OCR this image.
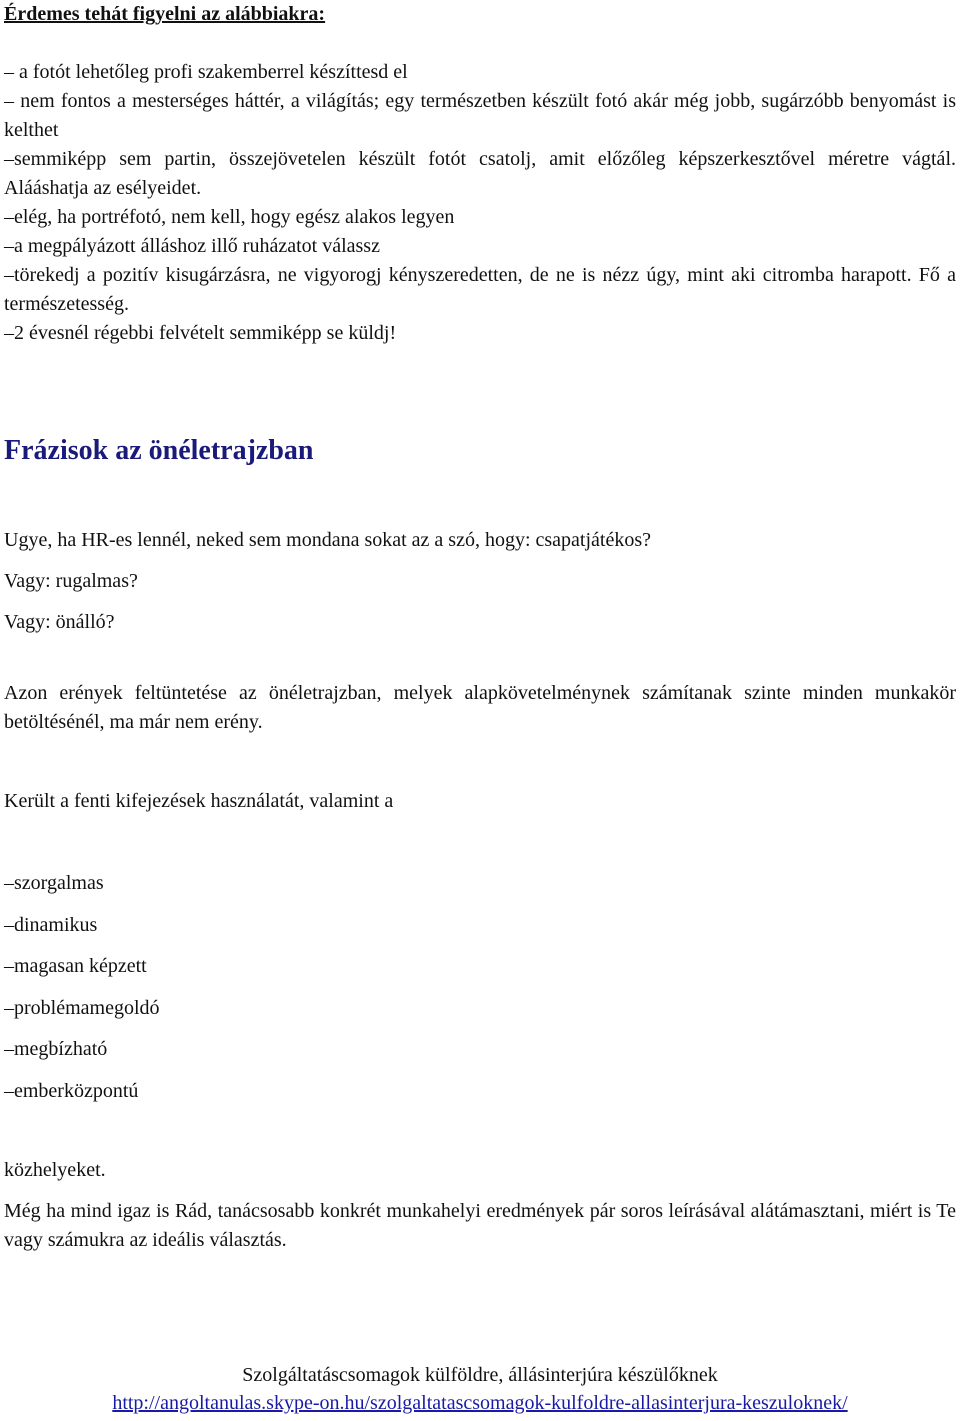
Érdemes tehát figyelni az alábbiakra:
– a fotót lehetőleg profi szakemberrel készíttesd el
– nem fontos a mesterséges háttér, a világítás; egy természetben készült fotó akár még jobb, sugárzóbb benyomást is kelthet
–semmiképp sem partin, összejövetelen készült fotót csatolj, amit előzőleg képszerkesztővel méretre vágtál. Alááshatja az esélyeidet.
–elég, ha portréfotó, nem kell, hogy egész alakos legyen
–a megpályázott álláshoz illő ruházatot válassz
–törekedj a pozitív kisugárzásra, ne vigyorogj kényszeredetten, de ne is nézz úgy, mint aki citromba harapott. Fő a természetesség.
–2 évesnél régebbi felvételt semmiképp se küldj!
Frázisok az önéletrajzban
Ugye, ha HR-es lennél, neked sem mondana sokat az a szó, hogy: csapatjátékos?
Vagy: rugalmas?
Vagy: önálló?
Azon erények feltüntetése az önéletrajzban, melyek alapkövetelménynek számítanak szinte minden munkakör betöltésénél, ma már nem erény.
Került a fenti kifejezések használatát, valamint a
–szorgalmas
–dinamikus
–magasan képzett
–problémamegoldó
–megbízható
–emberközpontú
közhelyeket.
Még ha mind igaz is Rád, tanácsosabb konkrét munkahelyi eredmények pár soros leírásával alátámasztani, miért is Te vagy számukra az ideális választás.
Szolgáltatáscsomagok külföldre, állásinterjúra készülőknek
http://angoltanulas.skype-on.hu/szolgaltatascsomagok-kulfoldre-allasinterjura-keszuloknek/
